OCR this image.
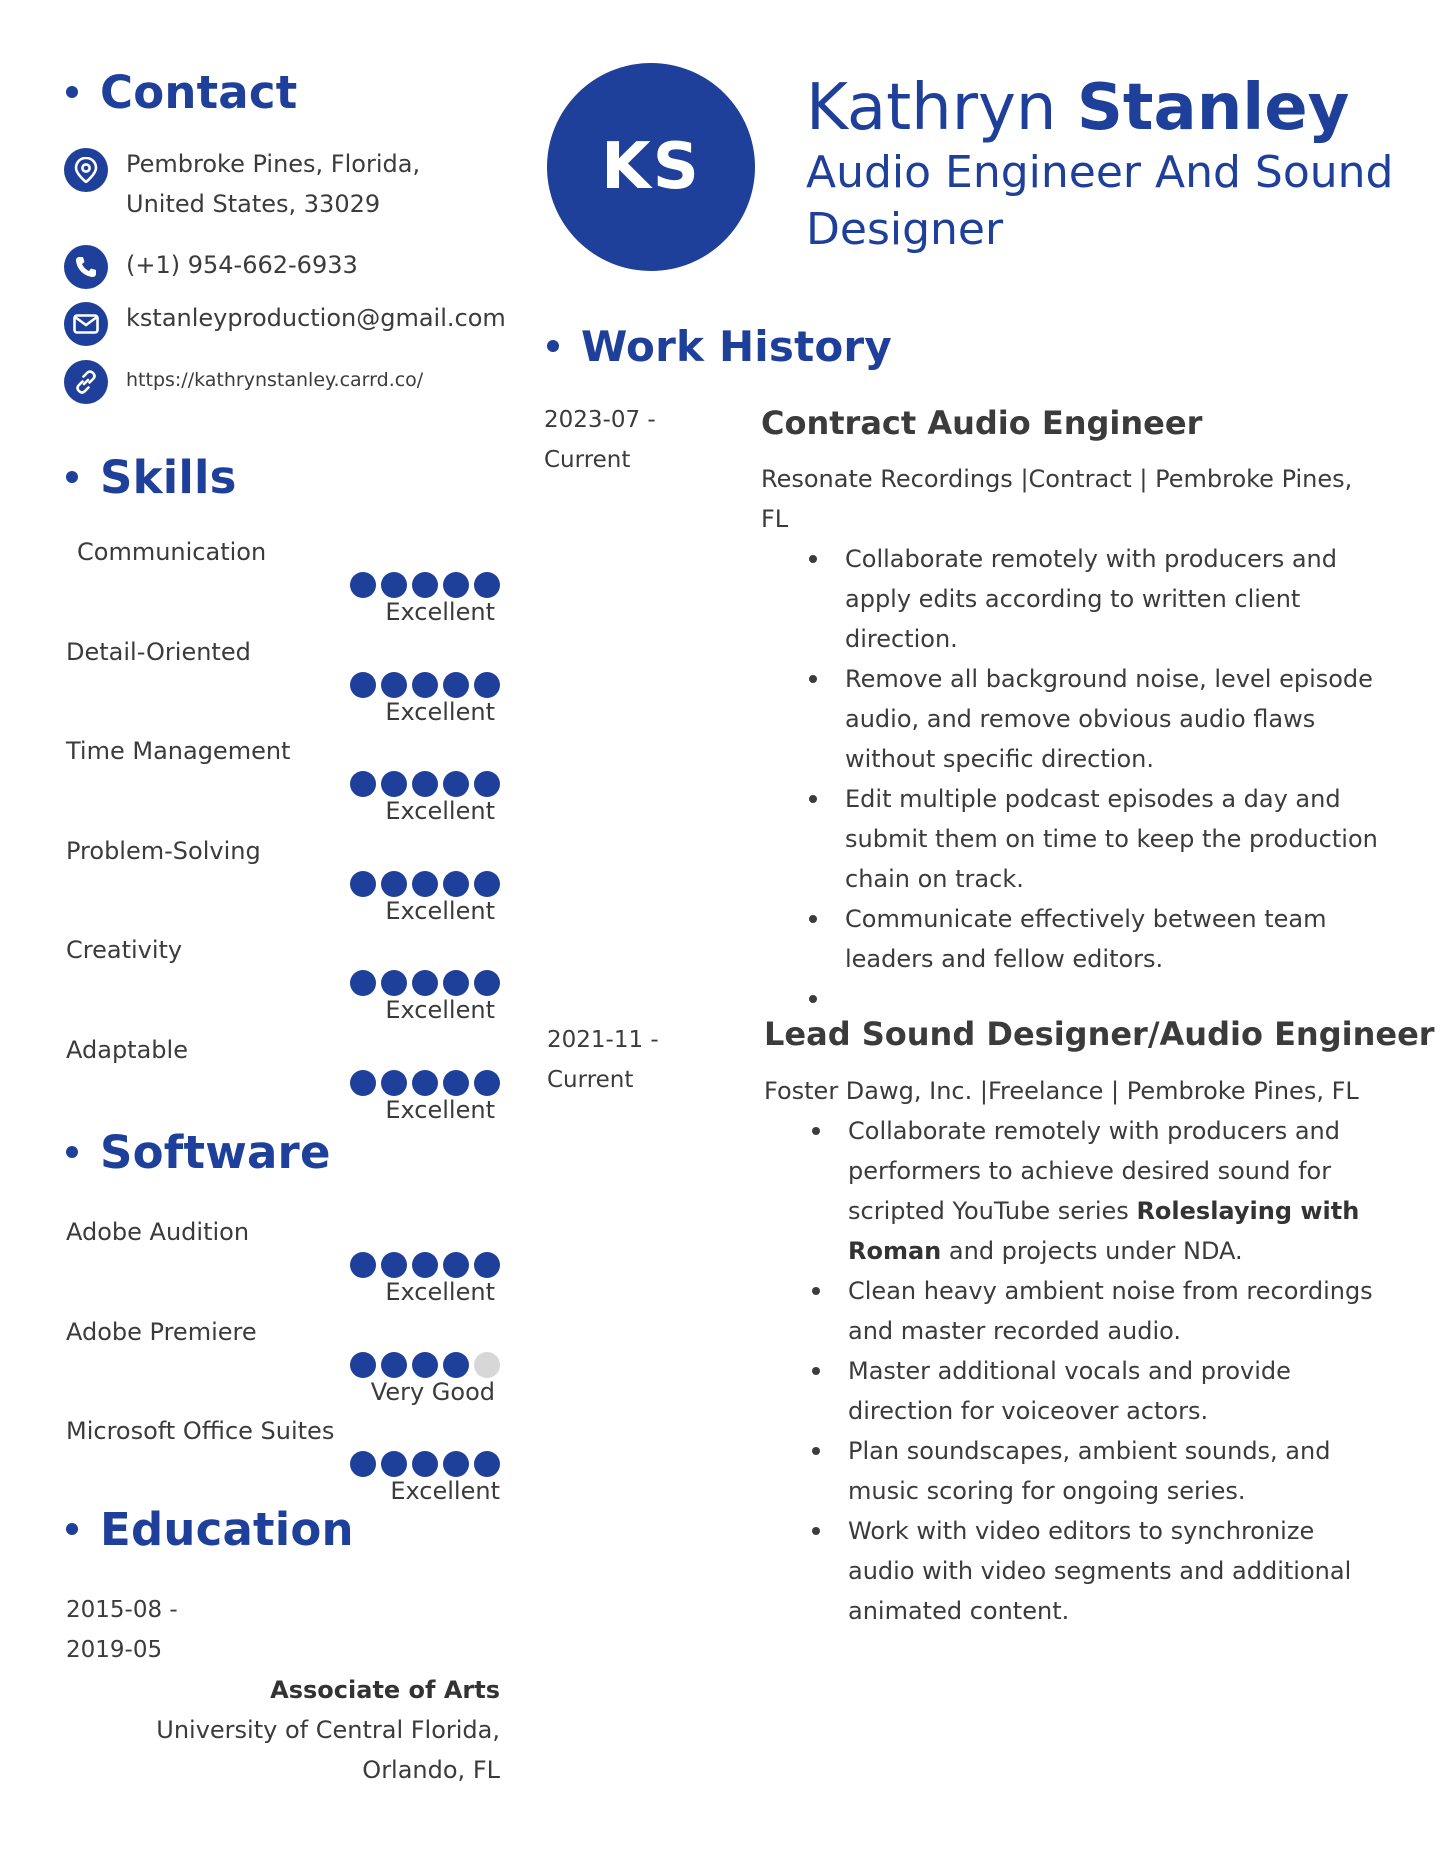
Contact
Pembroke Pines, Florida,
United States, 33029
(+1) 954-662-6933
kstanleyproduction@gmail.com
https://kathrynstanley.carrd.co/
Skills
Communication
Excellent
Detail-Oriented
Excellent
Time Management
Excellent
Problem-Solving
Excellent
Creativity
Excellent
Adaptable
Excellent
Software
Adobe Audition
Excellent
Adobe Premiere
Very Good
Microsoft Office Suites
Excellent
Education
2015-08 -
2019-05
Associate of Arts
University of Central Florida,
Orlando, FL
KS
Kathryn Stanley
Audio Engineer And Sound
Designer
Work History
2023-07 -
Current
Contract Audio Engineer
Resonate Recordings |Contract | Pembroke Pines,
FL
Collaborate remotely with producers and apply edits according to written client direction.
Remove all background noise, level episode audio, and remove obvious audio flaws without specific direction.
Edit multiple podcast episodes a day and submit them on time to keep the production chain on track.
Communicate effectively between team leaders and fellow editors.
2021-11 -
Current
Lead Sound Designer/Audio Engineer
Foster Dawg, Inc. |Freelance | Pembroke Pines, FL
Collaborate remotely with producers and performers to achieve desired sound for scripted YouTube series Roleslaying with Roman and projects under NDA.
Clean heavy ambient noise from recordings and master recorded audio.
Master additional vocals and provide direction for voiceover actors.
Plan soundscapes, ambient sounds, and music scoring for ongoing series.
Work with video editors to synchronize audio with video segments and additional animated content.
